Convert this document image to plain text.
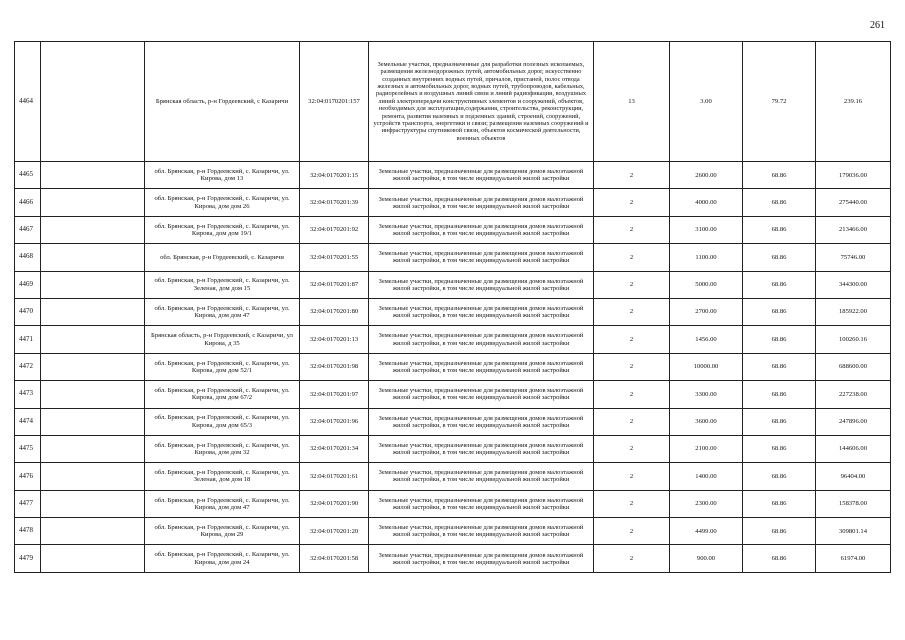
261
4464		Брянская область, р-н Гордеевский, с Казаричи	32:04:0170201:157	Земельные участки, предназначенные для разработки полезных ископаемых, размещения железнодорожных путей, автомобильных дорог, искусственно созданных внутренних водных путей, причалов, пристаней, полос отвода железных и автомобильных дорог, водных путей, трубопроводов, кабельных, радиорелейных и воздушных линий связи и линий радиофикации, воздушных линий электропередачи конструктивных элементов и сооружений, объектов, необходимых для эксплуатации,содержания, строительства, реконструкции, ремонта, развития наземных и подземных зданий, строений, сооружений, устройств транспорта, энергетики и связи; размещения наземных сооружений и инфраструктуры спутниковой связи, объектов космической деятельности, военных объектов	13	3.00	79.72	239.16
4465		обл. Брянская, р-н Гордеевский, с. Казаричи, ул. Кирова, дом 13	32:04:0170201:15	Земельные участки, предназначенные для размещения домов малоэтажной жилой застройки, в том числе индивидуальной жилой застройки	2	2600.00	68.86	179036.00
4466		обл. Брянская, р-н Гордеевский, с. Казаричи, ул. Кирова, дом дом 26	32:04:0170201:39	Земельные участки, предназначенные для размещения домов малоэтажной жилой застройки, в том числе индивидуальной жилой застройки	2	4000.00	68.86	275440.00
4467		обл. Брянская, р-н Гордеевский, с. Казаричи, ул. Кирова, дом дом 19/1	32:04:0170201:92	Земельные участки, предназначенные для размещения домов малоэтажной жилой застройки, в том числе индивидуальной жилой застройки	2	3100.00	68.86	213466.00
4468		обл. Брянская, р-н Гордеевский, с. Казаричи	32:04:0170201:55	Земельные участки, предназначенные для размещения домов малоэтажной жилой застройки, в том числе индивидуальной жилой застройки	2	1100.00	68.86	75746.00
4469		обл. Брянская, р-н Гордеевский, с. Казаричи, ул. Зеленая, дом дом 15	32:04:0170201:87	Земельные участки, предназначенные для размещения домов малоэтажной жилой застройки, в том числе индивидуальной жилой застройки	2	5000.00	68.86	344300.00
4470		обл. Брянская, р-н Гордеевский, с. Казаричи, ул. Кирова, дом дом 47	32:04:0170201:80	Земельные участки, предназначенные для размещения домов малоэтажной жилой застройки, в том числе индивидуальной жилой застройки	2	2700.00	68.86	185922.00
4471		Брянская область, р-н Гордеевский, с Казаричи, ул Кирова, д 35	32:04:0170201:13	Земельные участки, предназначенные для размещения домов малоэтажной жилой застройки, в том числе индивидуальной жилой застройки	2	1456.00	68.86	100260.16
4472		обл. Брянская, р-н Гордеевский, с. Казаричи, ул. Кирова, дом дом 52/1	32:04:0170201:98	Земельные участки, предназначенные для размещения домов малоэтажной жилой застройки, в том числе индивидуальной жилой застройки	2	10000.00	68.86	688600.00
4473		обл. Брянская, р-н Гордеевский, с. Казаричи, ул. Кирова, дом дом 67/2	32:04:0170201:97	Земельные участки, предназначенные для размещения домов малоэтажной жилой застройки, в том числе индивидуальной жилой застройки	2	3300.00	68.86	227238.00
4474		обл. Брянская, р-н Гордеевский, с. Казаричи, ул. Кирова, дом дом 65/3	32:04:0170201:96	Земельные участки, предназначенные для размещения домов малоэтажной жилой застройки, в том числе индивидуальной жилой застройки	2	3600.00	68.86	247896.00
4475		обл. Брянская, р-н Гордеевский, с. Казаричи, ул. Кирова, дом дом 32	32:04:0170201:34	Земельные участки, предназначенные для размещения домов малоэтажной жилой застройки, в том числе индивидуальной жилой застройки	2	2100.00	68.86	144606.00
4476		обл. Брянская, р-н Гордеевский, с. Казаричи, ул. Зеленая, дом дом 18	32:04:0170201:61	Земельные участки, предназначенные для размещения домов малоэтажной жилой застройки, в том числе индивидуальной жилой застройки	2	1400.00	68.86	96404.00
4477		обл. Брянская, р-н Гордеевский, с. Казаричи, ул. Кирова, дом дом 47	32:04:0170201:90	Земельные участки, предназначенные для размещения домов малоэтажной жилой застройки, в том числе индивидуальной жилой застройки	2	2300.00	68.86	158378.00
4478		обл. Брянская, р-н Гордеевский, с. Казаричи, ул. Кирова, дом 29	32:04:0170201:20	Земельные участки, предназначенные для размещения домов малоэтажной жилой застройки, в том числе индивидуальной жилой застройки	2	4499.00	68.86	309801.14
4479		обл. Брянская, р-н Гордеевский, с. Казаричи, ул. Кирова, дом дом 24	32:04:0170201:58	Земельные участки, предназначенные для размещения домов малоэтажной жилой застройки, в том числе индивидуальной жилой застройки	2	900.00	68.86	61974.00
